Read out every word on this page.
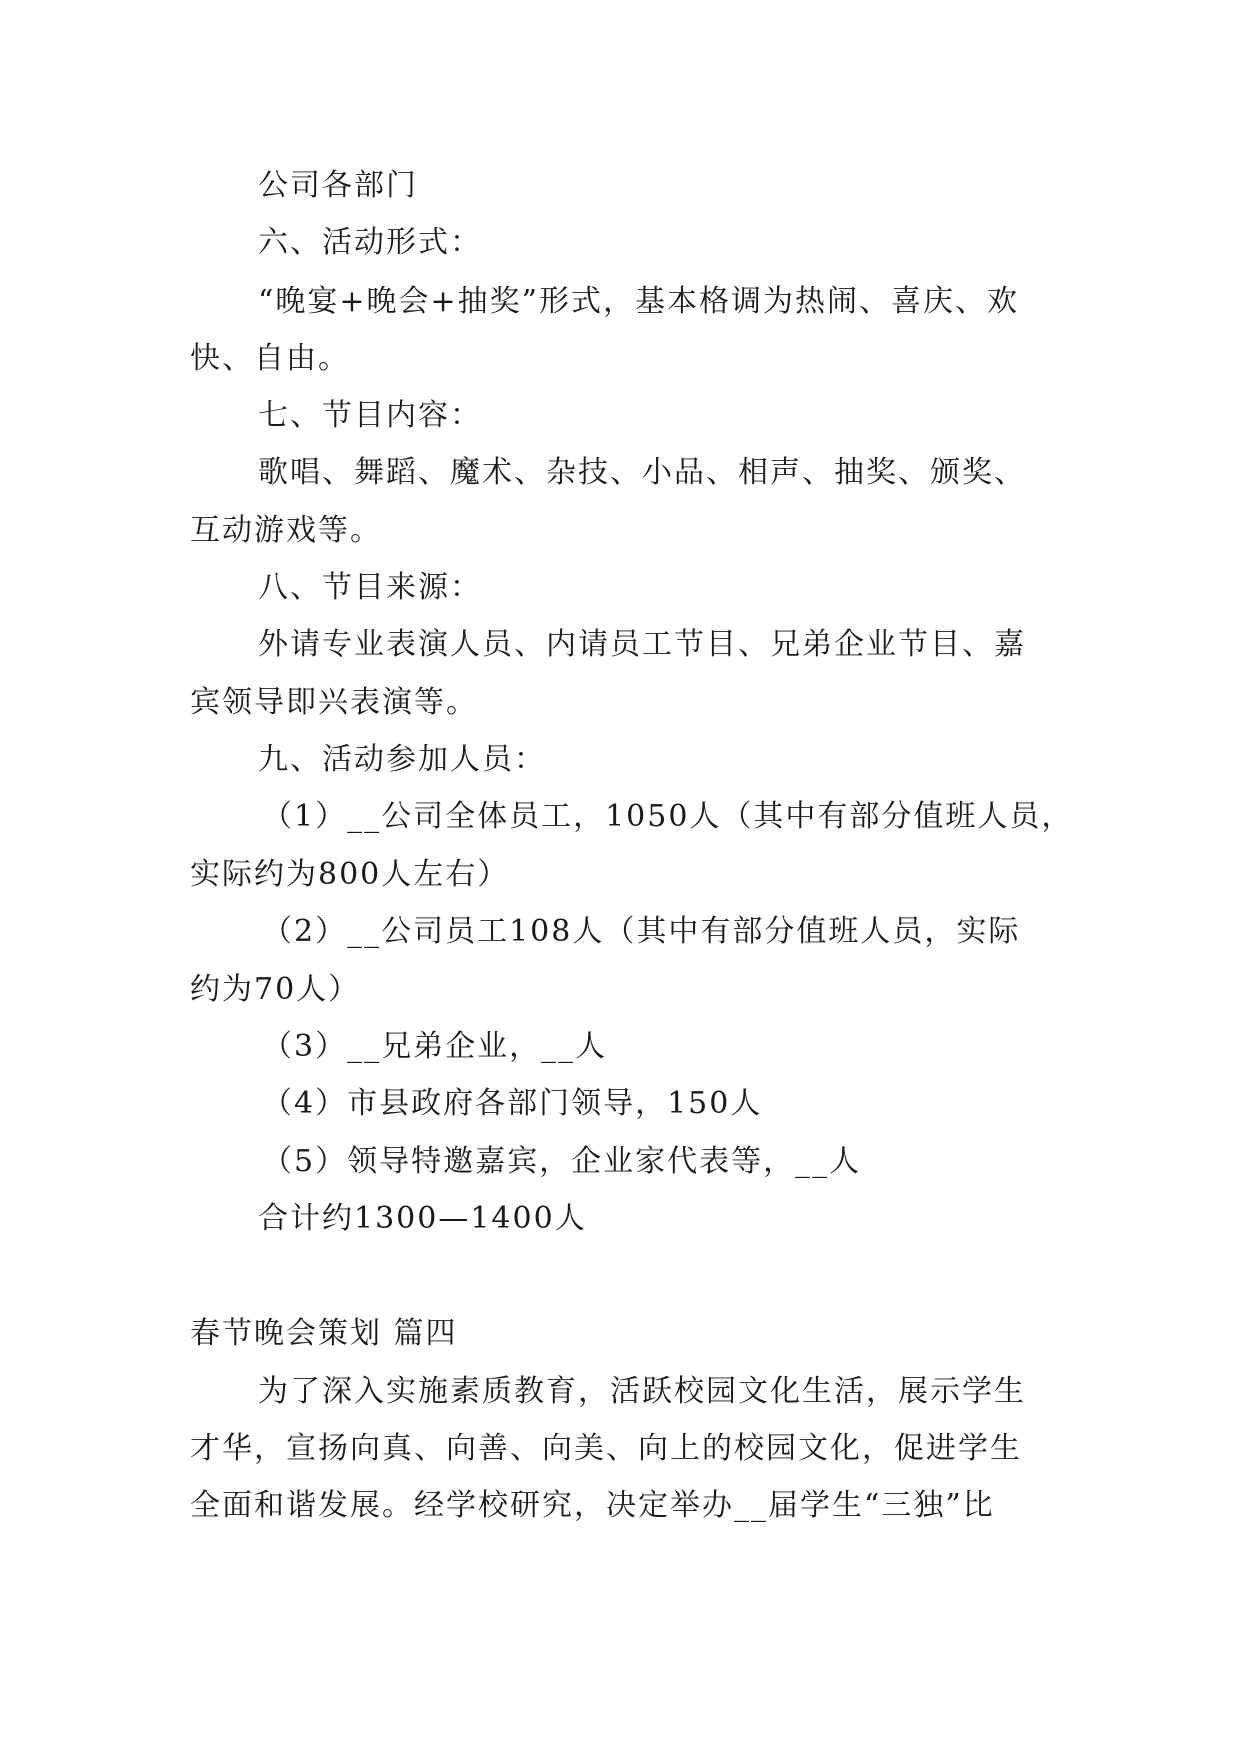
公司各部门
六、活动形式：
“晚宴+晚会+抽奖”形式，基本格调为热闹、喜庆、欢
快、自由。
七、节目内容：
歌唱、舞蹈、魔术、杂技、小品、相声、抽奖、颁奖、
互动游戏等。
八、节目来源：
外请专业表演人员、内请员工节目、兄弟企业节目、嘉
宾领导即兴表演等。
九、活动参加人员：
（1）__公司全体员工，1050人（其中有部分值班人员，
实际约为800人左右）
（2）__公司员工108人（其中有部分值班人员，实际
约为70人）
（3）__兄弟企业，__人
（4）市县政府各部门领导，150人
（5）领导特邀嘉宾，企业家代表等，__人
合计约1300—1400人
春节晚会策划 篇四
为了深入实施素质教育，活跃校园文化生活，展示学生
才华，宣扬向真、向善、向美、向上的校园文化，促进学生
全面和谐发展。经学校研究，决定举办__届学生“三独”比
